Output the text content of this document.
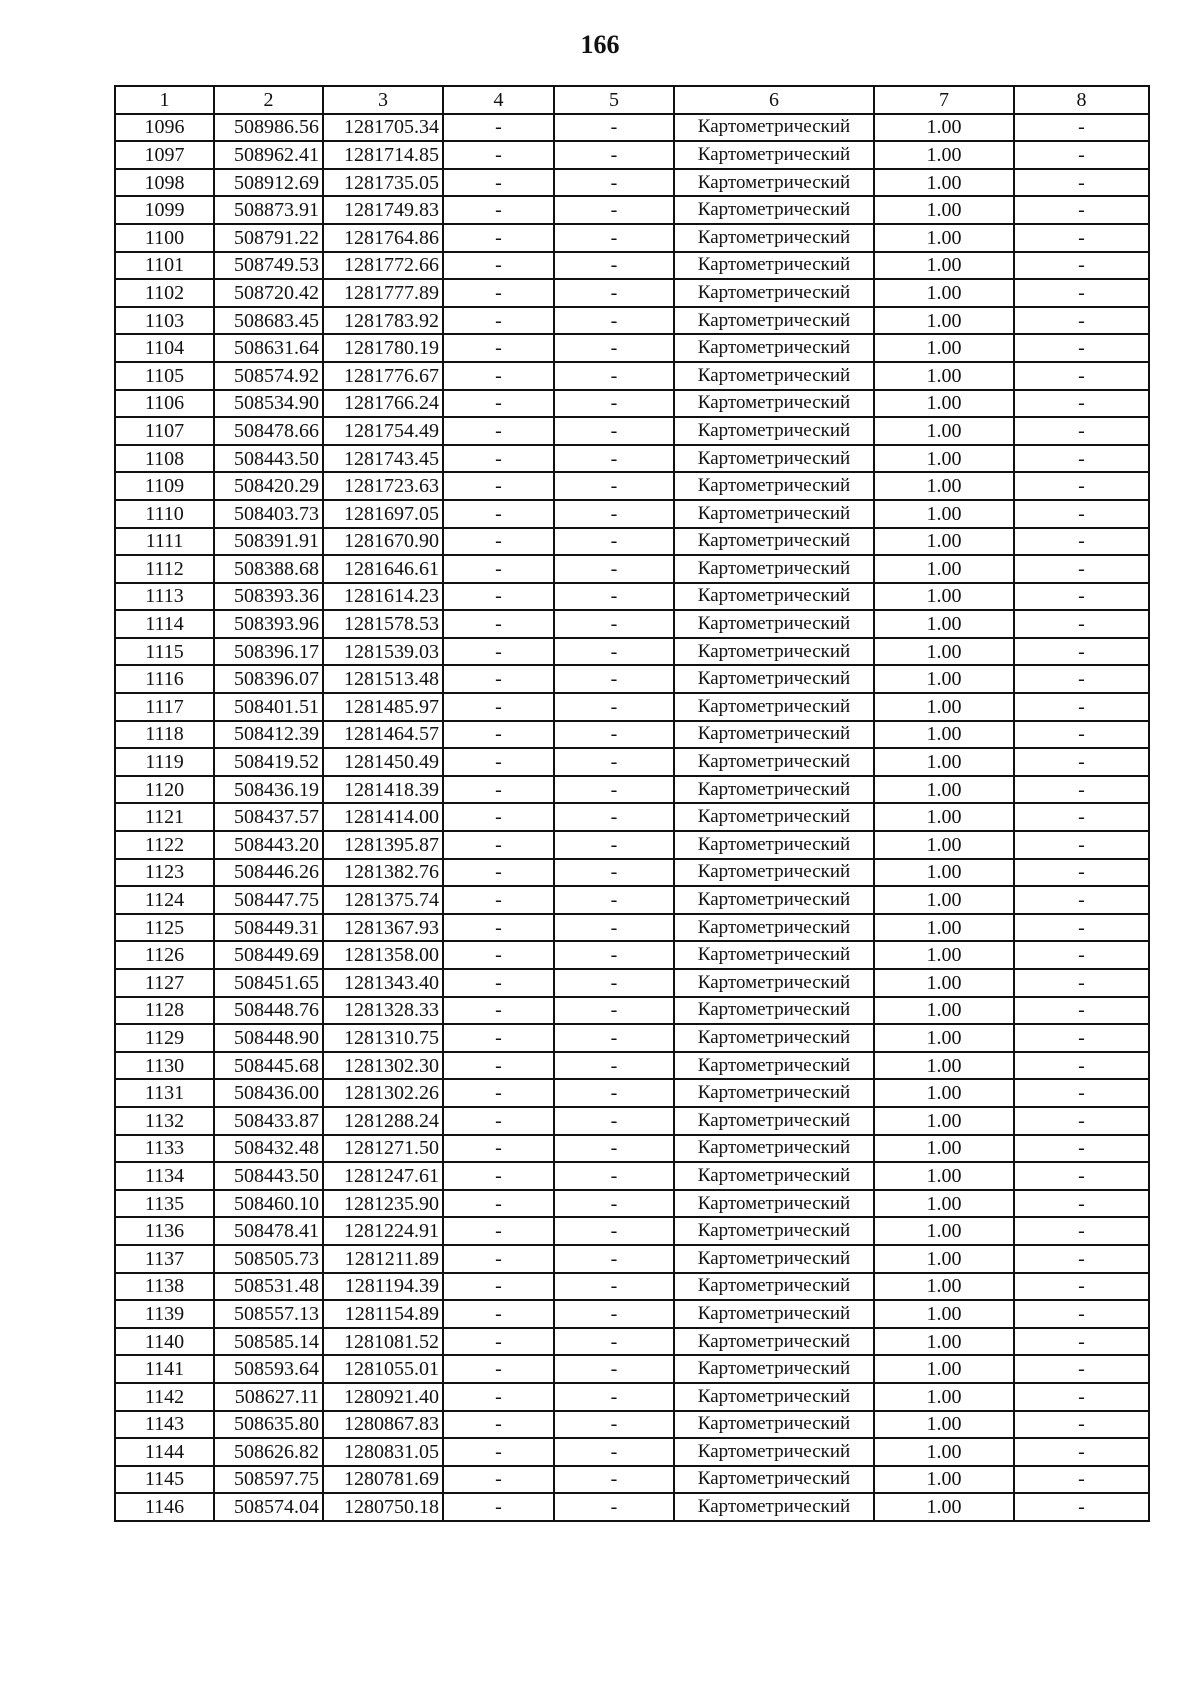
166
1	2	3	4	5	6	7	8
1096	508986.56	1281705.34	-	-	Картометрический	1.00	-
1097	508962.41	1281714.85	-	-	Картометрический	1.00	-
1098	508912.69	1281735.05	-	-	Картометрический	1.00	-
1099	508873.91	1281749.83	-	-	Картометрический	1.00	-
1100	508791.22	1281764.86	-	-	Картометрический	1.00	-
1101	508749.53	1281772.66	-	-	Картометрический	1.00	-
1102	508720.42	1281777.89	-	-	Картометрический	1.00	-
1103	508683.45	1281783.92	-	-	Картометрический	1.00	-
1104	508631.64	1281780.19	-	-	Картометрический	1.00	-
1105	508574.92	1281776.67	-	-	Картометрический	1.00	-
1106	508534.90	1281766.24	-	-	Картометрический	1.00	-
1107	508478.66	1281754.49	-	-	Картометрический	1.00	-
1108	508443.50	1281743.45	-	-	Картометрический	1.00	-
1109	508420.29	1281723.63	-	-	Картометрический	1.00	-
1110	508403.73	1281697.05	-	-	Картометрический	1.00	-
1111	508391.91	1281670.90	-	-	Картометрический	1.00	-
1112	508388.68	1281646.61	-	-	Картометрический	1.00	-
1113	508393.36	1281614.23	-	-	Картометрический	1.00	-
1114	508393.96	1281578.53	-	-	Картометрический	1.00	-
1115	508396.17	1281539.03	-	-	Картометрический	1.00	-
1116	508396.07	1281513.48	-	-	Картометрический	1.00	-
1117	508401.51	1281485.97	-	-	Картометрический	1.00	-
1118	508412.39	1281464.57	-	-	Картометрический	1.00	-
1119	508419.52	1281450.49	-	-	Картометрический	1.00	-
1120	508436.19	1281418.39	-	-	Картометрический	1.00	-
1121	508437.57	1281414.00	-	-	Картометрический	1.00	-
1122	508443.20	1281395.87	-	-	Картометрический	1.00	-
1123	508446.26	1281382.76	-	-	Картометрический	1.00	-
1124	508447.75	1281375.74	-	-	Картометрический	1.00	-
1125	508449.31	1281367.93	-	-	Картометрический	1.00	-
1126	508449.69	1281358.00	-	-	Картометрический	1.00	-
1127	508451.65	1281343.40	-	-	Картометрический	1.00	-
1128	508448.76	1281328.33	-	-	Картометрический	1.00	-
1129	508448.90	1281310.75	-	-	Картометрический	1.00	-
1130	508445.68	1281302.30	-	-	Картометрический	1.00	-
1131	508436.00	1281302.26	-	-	Картометрический	1.00	-
1132	508433.87	1281288.24	-	-	Картометрический	1.00	-
1133	508432.48	1281271.50	-	-	Картометрический	1.00	-
1134	508443.50	1281247.61	-	-	Картометрический	1.00	-
1135	508460.10	1281235.90	-	-	Картометрический	1.00	-
1136	508478.41	1281224.91	-	-	Картометрический	1.00	-
1137	508505.73	1281211.89	-	-	Картометрический	1.00	-
1138	508531.48	1281194.39	-	-	Картометрический	1.00	-
1139	508557.13	1281154.89	-	-	Картометрический	1.00	-
1140	508585.14	1281081.52	-	-	Картометрический	1.00	-
1141	508593.64	1281055.01	-	-	Картометрический	1.00	-
1142	508627.11	1280921.40	-	-	Картометрический	1.00	-
1143	508635.80	1280867.83	-	-	Картометрический	1.00	-
1144	508626.82	1280831.05	-	-	Картометрический	1.00	-
1145	508597.75	1280781.69	-	-	Картометрический	1.00	-
1146	508574.04	1280750.18	-	-	Картометрический	1.00	-
